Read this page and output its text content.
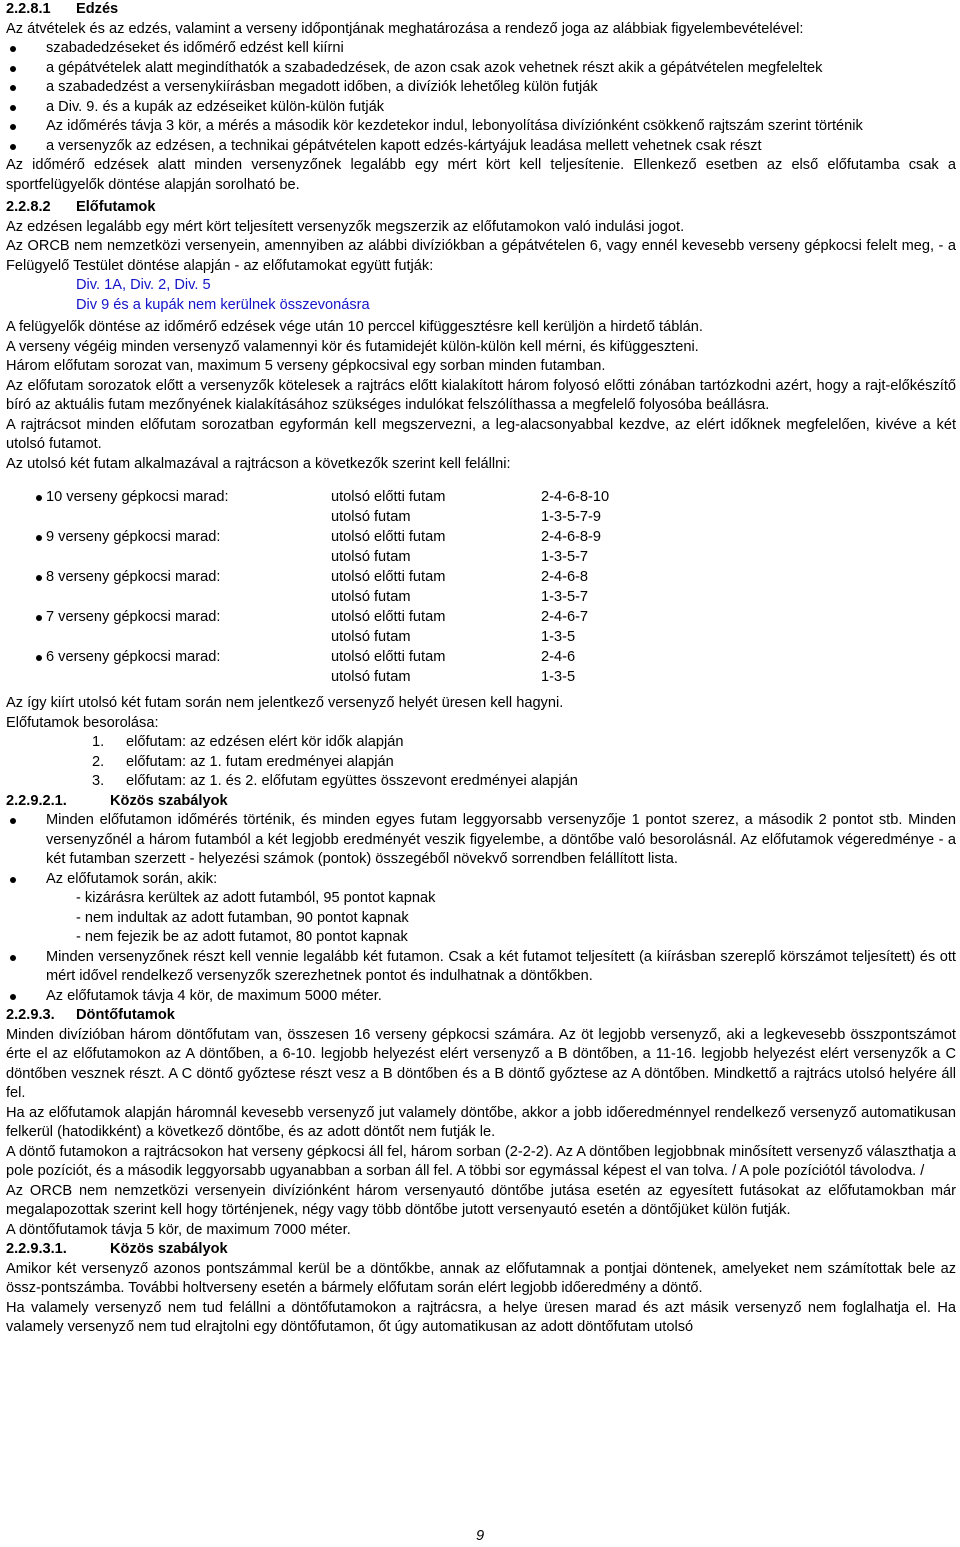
2.2.8.1 Edzés

Az átvételek és az edzés, valamint a verseny időpontjának meghatározása a rendező joga az alábbiak figyelembevételével:

szabadedzéseket és időmérő edzést kell kiírni
a gépátvételek alatt megindíthatók a szabadedzések, de azon csak azok vehetnek részt akik a gépátvételen megfeleltek
a szabadedzést a versenykiírásban megadott időben, a divíziók lehetőleg külön futják
a Div. 9. és a kupák az edzéseiket külön-külön futják
Az időmérés távja 3 kör, a mérés a második kör kezdetekor indul, lebonyolítása divíziónként csökkenő rajtszám szerint történik
a versenyzők az edzésen, a technikai gépátvételen kapott edzés-kártyájuk leadása mellett vehetnek csak részt

Az időmérő edzések alatt minden versenyzőnek legalább egy mért kört kell teljesítenie. Ellenkező esetben az első előfutamba csak a sportfelügyelők döntése alapján sorolható be.

2.2.8.2 Előfutamok

Az edzésen legalább egy mért kört teljesített versenyzők megszerzik az előfutamokon való indulási jogot.

Az ORCB nem nemzetközi versenyein, amennyiben az alábbi divíziókban a gépátvételen 6, vagy ennél kevesebb verseny gépkocsi felelt meg, - a Felügyelő Testület döntése alapján - az előfutamokat együtt futják:

Div. 1A, Div. 2, Div. 5

Div 9 és a kupák nem kerülnek összevonásra

A felügyelők döntése az időmérő edzések vége után 10 perccel kifüggesztésre kell kerüljön a hirdető táblán.

A verseny végéig minden versenyző valamennyi kör és futamidejét külön-külön kell mérni, és kifüggeszteni.

Három előfutam sorozat van, maximum 5 verseny gépkocsival egy sorban minden futamban.

Az előfutam sorozatok előtt a versenyzők kötelesek a rajtrács előtt kialakított három folyosó előtti zónában tartózkodni azért, hogy a rajt-előkészítő bíró az aktuális futam mezőnyének kialakításához szükséges indulókat felszólíthassa a megfelelő folyosóba beállásra.

A rajtrácsot minden előfutam sorozatban egyformán kell megszervezni, a leg-alacsonyabbal kezdve, az elért időknek megfelelően, kivéve a két utolsó futamot.

Az utolsó két futam alkalmazával a rajtrácson a következők szerint kell felállni:

10 verseny gépkocsi marad:	utolsó előtti futam	2-4-6-8-10
utolsó futam	1-3-5-7-9
9 verseny gépkocsi marad:	utolsó előtti futam	2-4-6-8-9
utolsó futam	1-3-5-7
8 verseny gépkocsi marad:	utolsó előtti futam	2-4-6-8
utolsó futam	1-3-5-7
7 verseny gépkocsi marad:	utolsó előtti futam	2-4-6-7
utolsó futam	1-3-5
6 verseny gépkocsi marad:	utolsó előtti futam	2-4-6
utolsó futam	1-3-5

Az így kiírt utolsó két futam során nem jelentkező versenyző helyét üresen kell hagyni.

Előfutamok besorolása:

1.	előfutam: az edzésen elért kör idők alapján
2.	előfutam: az 1. futam eredményei alapján
3.	előfutam: az 1. és 2. előfutam együttes összevont eredményei alapján
2.2.9.2.1.	Közös szabályok
Minden előfutamon időmérés történik, és minden egyes futam leggyorsabb versenyzője 1 pontot szerez, a második 2 pontot stb. Minden versenyzőnél a három futamból a két legjobb eredményét veszik figyelembe, a döntőbe való besorolásnál. Az előfutamok végeredménye - a két futamban szerzett - helyezési számok (pontok) összegéből növekvő sorrendben felállított lista.
Az előfutamok során, akik:

- kizárásra kerültek az adott futamból, 95 pontot kapnak

- nem indultak az adott futamban, 90 pontot kapnak

- nem fejezik be az adott futamot, 80 pontot kapnak

Minden versenyzőnek részt kell vennie legalább két futamon. Csak a két futamot teljesített (a kiírásban szereplő körszámot teljesített) és ott mért idővel rendelkező versenyzők szerezhetnek pontot és indulhatnak a döntőkben.
Az előfutamok távja 4 kör, de maximum 5000 méter.
2.2.9.3. Döntőfutamok

Minden divízióban három döntőfutam van, összesen 16 verseny gépkocsi számára. Az öt legjobb versenyző, aki a legkevesebb összpontszámot érte el az előfutamokon az A döntőben, a 6-10. legjobb helyezést elért versenyző a B döntőben, a 11-16. legjobb helyezést elért versenyzők a C döntőben vesznek részt. A C döntő győztese részt vesz a B döntőben és a B döntő győztese az A döntőben. Mindkettő a rajtrács utolsó helyére áll fel.

Ha az előfutamok alapján háromnál kevesebb versenyző jut valamely döntőbe, akkor a jobb időeredménnyel rendelkező versenyző automatikusan felkerül (hatodikként) a következő döntőbe, és az adott döntőt nem futják le.

A döntő futamokon a rajtrácsokon hat verseny gépkocsi áll fel, három sorban (2-2-2). Az A döntőben legjobbnak minősített versenyző választhatja a pole pozíciót, és a második leggyorsabb ugyanabban a sorban áll fel. A többi sor egymással képest el van tolva. / A pole pozíciótól távolodva. /

Az ORCB nem nemzetközi versenyein divíziónként három versenyautó döntőbe jutása esetén az egyesített futásokat az előfutamokban már megalapozottak szerint kell hogy történjenek, négy vagy több döntőbe jutott versenyautó esetén a döntőjüket külön futják.

A döntőfutamok távja 5 kör, de maximum 7000 méter.

2.2.9.3.1.	Közös szabályok

Amikor két versenyző azonos pontszámmal kerül be a döntőkbe, annak az előfutamnak a pontjai döntenek, amelyeket nem számítottak bele az össz-pontszámba. További holtverseny esetén a bármely előfutam során elért legjobb időeredmény a döntő.

Ha valamely versenyző nem tud felállni a döntőfutamokon a rajtrácsra, a helye üresen marad és azt másik versenyző nem foglalhatja el. Ha valamely versenyző nem tud elrajtolni egy döntőfutamon, őt úgy automatikusan az adott döntőfutam utolsó

9
